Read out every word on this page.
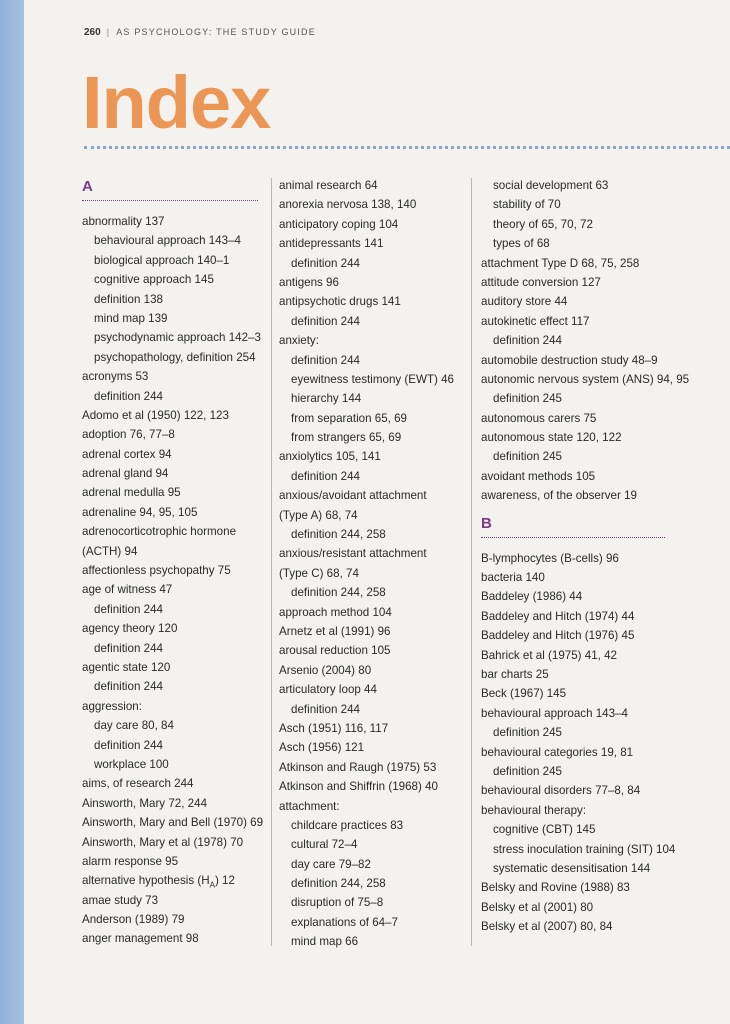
260 | AS PSYCHOLOGY: THE STUDY GUIDE
Index
A
abnormality 137
behavioural approach 143–4
biological approach 140–1
cognitive approach 145
definition 138
mind map 139
psychodynamic approach 142–3
psychopathology, definition 254
acronyms 53
definition 244
Adomo et al (1950) 122, 123
adoption 76, 77–8
adrenal cortex 94
adrenal gland 94
adrenal medulla 95
adrenaline 94, 95, 105
adrenocorticotrophic hormone
(ACTH) 94
affectionless psychopathy 75
age of witness 47
definition 244
agency theory 120
definition 244
agentic state 120
definition 244
aggression:
day care 80, 84
definition 244
workplace 100
aims, of research 244
Ainsworth, Mary 72, 244
Ainsworth, Mary and Bell (1970) 69
Ainsworth, Mary et al (1978) 70
alarm response 95
alternative hypothesis $(H_A)$ 12
amae study 73
Anderson (1989) 79
anger management 98
animal research 64
anorexia nervosa 138, 140
anticipatory coping 104
antidepressants 141
definition 244
antigens 96
antipsychotic drugs 141
definition 244
anxiety:
definition 244
eyewitness testimony (EWT) 46
hierarchy 144
from separation 65, 69
from strangers 65, 69
anxiolytics 105, 141
definition 244
anxious/avoidant attachment
(Type A) 68, 74
definition 244, 258
anxious/resistant attachment
(Type C) 68, 74
definition 244, 258
approach method 104
Arnetz et al (1991) 96
arousal reduction 105
Arsenio (2004) 80
articulatory loop 44
definition 244
Asch (1951) 116, 117
Asch (1956) 121
Atkinson and Raugh (1975) 53
Atkinson and Shiffrin (1968) 40
attachment:
childcare practices 83
cultural 72–4
day care 79–82
definition 244, 258
disruption of 75–8
explanations of 64–7
mind map 66
social development 63
stability of 70
theory of 65, 70, 72
types of 68
attachment Type D 68, 75, 258
attitude conversion 127
auditory store 44
autokinetic effect 117
definition 244
automobile destruction study 48–9
autonomic nervous system (ANS) 94, 95
definition 245
autonomous carers 75
autonomous state 120, 122
definition 245
avoidant methods 105
awareness, of the observer 19
B
B-lymphocytes (B-cells) 96
bacteria 140
Baddeley (1986) 44
Baddeley and Hitch (1974) 44
Baddeley and Hitch (1976) 45
Bahrick et al (1975) 41, 42
bar charts 25
Beck (1967) 145
behavioural approach 143–4
definition 245
behavioural categories 19, 81
definition 245
behavioural disorders 77–8, 84
behavioural therapy:
cognitive (CBT) 145
stress inoculation training (SIT) 104
systematic desensitisation 144
Belsky and Rovine (1988) 83
Belsky et al (2001) 80
Belsky et al (2007) 80, 84
